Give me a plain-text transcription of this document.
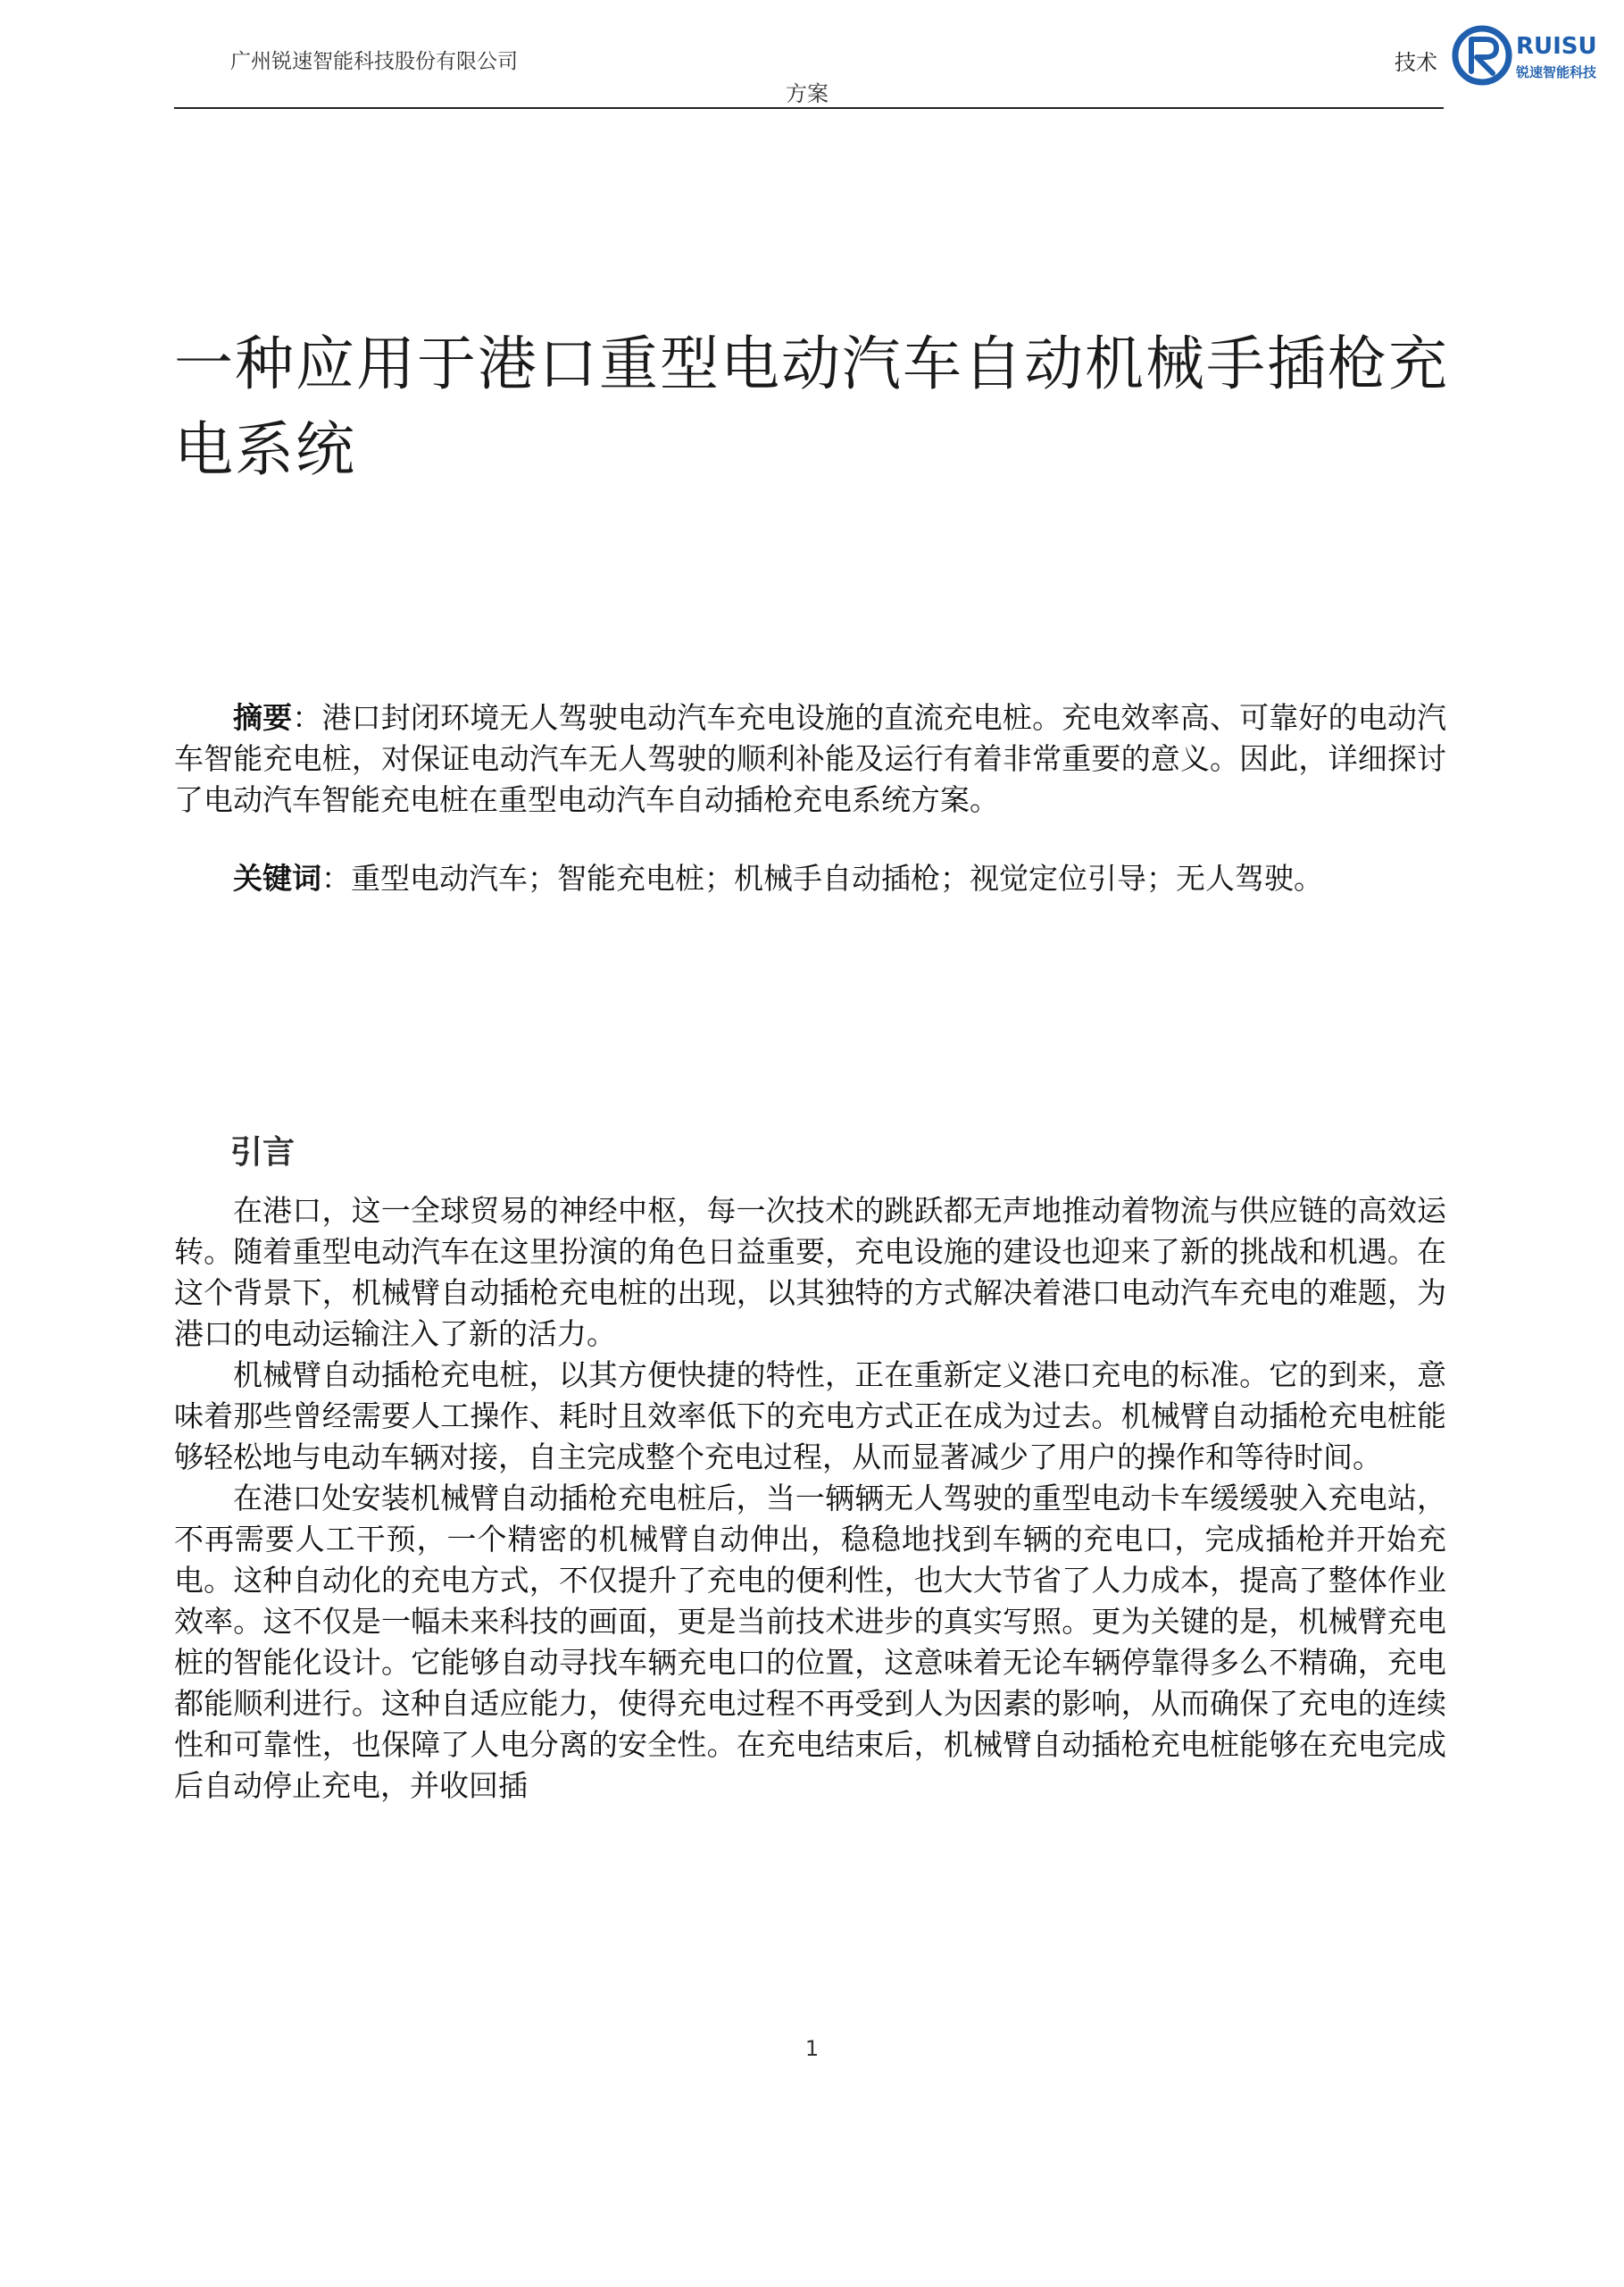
广州锐速智能科技股份有限公司	技术
RUISU
锐速智能科技
方案
一种应用于港口重型电动汽车自动机械手插枪充电系统

摘要：港口封闭环境无人驾驶电动汽车充电设施的直流充电桩。充电效率高、可靠好的电动汽车智能充电桩，对保证电动汽车无人驾驶的顺利补能及运行有着非常重要的意义。因此，详细探讨了电动汽车智能充电桩在重型电动汽车自动插枪充电系统方案。

关键词：重型电动汽车；智能充电桩；机械手自动插枪；视觉定位引导；无人驾驶。

引言

在港口，这一全球贸易的神经中枢，每一次技术的跳跃都无声地推动着物流与供应链的高效运转。随着重型电动汽车在这里扮演的角色日益重要，充电设施的建设也迎来了新的挑战和机遇。在这个背景下，机械臂自动插枪充电桩的出现，以其独特的方式解决着港口电动汽车充电的难题，为港口的电动运输注入了新的活力。

机械臂自动插枪充电桩，以其方便快捷的特性，正在重新定义港口充电的标准。它的到来，意味着那些曾经需要人工操作、耗时且效率低下的充电方式正在成为过去。机械臂自动插枪充电桩能够轻松地与电动车辆对接，自主完成整个充电过程，从而显著减少了用户的操作和等待时间。

在港口处安装机械臂自动插枪充电桩后，当一辆辆无人驾驶的重型电动卡车缓缓驶入充电站，不再需要人工干预，一个精密的机械臂自动伸出，稳稳地找到车辆的充电口，完成插枪并开始充电。这种自动化的充电方式，不仅提升了充电的便利性，也大大节省了人力成本，提高了整体作业效率。这不仅是一幅未来科技的画面，更是当前技术进步的真实写照。更为关键的是，机械臂充电桩的智能化设计。它能够自动寻找车辆充电口的位置，这意味着无论车辆停靠得多么不精确，充电都能顺利进行。这种自适应能力，使得充电过程不再受到人为因素的影响，从而确保了充电的连续性和可靠性，也保障了人电分离的安全性。在充电结束后，机械臂自动插枪充电桩能够在充电完成后自动停止充电，并收回插

1
